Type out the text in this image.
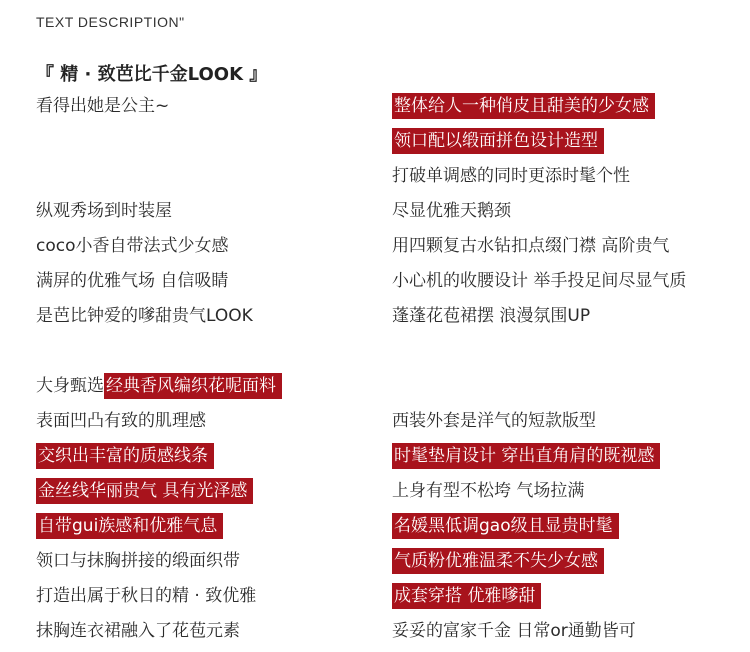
TEXT DESCRIPTION"
『 精 · 致芭比千金LOOK 』
看得出她是公主~
纵观秀场到时装屋
coco小香自带法式少女感
满屏的优雅气场 自信吸睛
是芭比钟爱的嗲甜贵气LOOK
大身甄选 经典香风编织花呢面料
表面凹凸有致的肌理感
交织出丰富的质感线条
金丝线华丽贵气 具有光泽感
自带gui族感和优雅气息
领口与抹胸拼接的缎面织带
打造出属于秋日的精 · 致优雅
抹胸连衣裙融入了花苞元素
整体给人一种俏皮且甜美的少女感
领口配以缎面拼色设计造型
打破单调感的同时更添时髦个性
尽显优雅天鹅颈
用四颗复古水钻扣点缀门襟 高阶贵气
小心机的收腰设计 举手投足间尽显气质
蓬蓬花苞裙摆 浪漫氛围UP
西装外套是洋气的短款版型
时髦垫肩设计 穿出直角肩的既视感
上身有型不松垮 气场拉满
名媛黑低调gao级且显贵时髦
气质粉优雅温柔不失少女感
成套穿搭 优雅嗲甜
妥妥的富家千金 日常or通勤皆可
